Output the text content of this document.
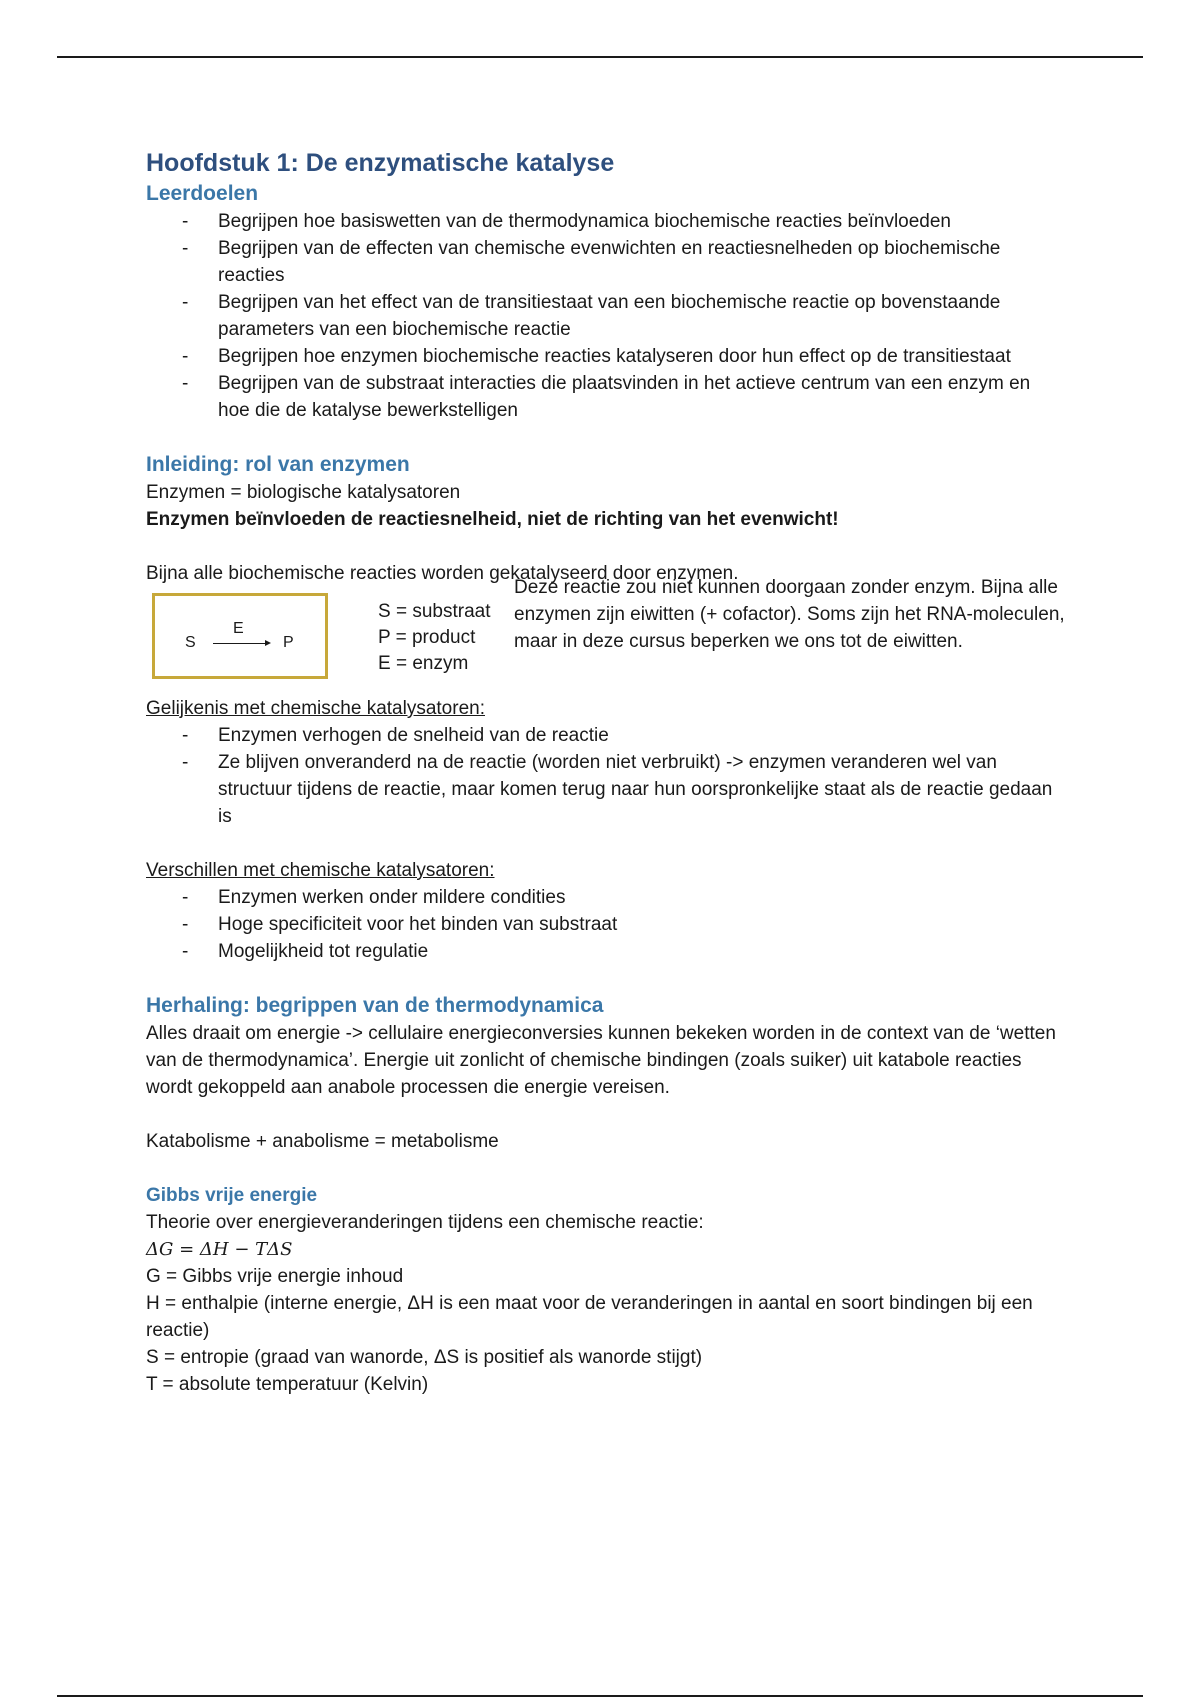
Hoofdstuk 1: De enzymatische katalyse
Leerdoelen
- Begrijpen hoe basiswetten van de thermodynamica biochemische reacties beïnvloeden
- Begrijpen van de effecten van chemische evenwichten en reactiesnelheden op biochemische reacties
- Begrijpen van het effect van de transitiestaat van een biochemische reactie op bovenstaande parameters van een biochemische reactie
- Begrijpen hoe enzymen biochemische reacties katalyseren door hun effect op de transitiestaat
- Begrijpen van de substraat interacties die plaatsvinden in het actieve centrum van een enzym en hoe die de katalyse bewerkstelligen
Inleiding: rol van enzymen

Enzymen = biologische katalysatoren

Enzymen beïnvloeden de reactiesnelheid, niet de richting van het evenwicht!

Bijna alle biochemische reacties worden gekatalyseerd door enzymen.

S
E
→ P
S = substraat
P = product
E = enzym
Deze reactie zou niet kunnen doorgaan zonder enzym. Bijna alle enzymen zijn eiwitten (+ cofactor). Soms zijn het RNA-moleculen, maar in deze cursus beperken we ons tot de eiwitten.

Gelijkenis met chemische katalysatoren:

- Enzymen verhogen de snelheid van de reactie
- Ze blijven onveranderd na de reactie (worden niet verbruikt) -> enzymen veranderen wel van structuur tijdens de reactie, maar komen terug naar hun oorspronkelijke staat als de reactie gedaan is

Verschillen met chemische katalysatoren:

- Enzymen werken onder mildere condities
- Hoge specificiteit voor het binden van substraat
- Mogelijkheid tot regulatie
Herhaling: begrippen van de thermodynamica

Alles draait om energie -> cellulaire energieconversies kunnen bekeken worden in de context van de ‘wetten van de thermodynamica’. Energie uit zonlicht of chemische bindingen (zoals suiker) uit katabole reacties wordt gekoppeld aan anabole processen die energie vereisen.

Katabolisme + anabolisme = metabolisme

Gibbs vrije energie

Theorie over energieveranderingen tijdens een chemische reactie:

ΔG = ΔH − TΔS

G = Gibbs vrije energie inhoud

H = enthalpie (interne energie, ΔH is een maat voor de veranderingen in aantal en soort bindingen bij een reactie)

S = entropie (graad van wanorde, ΔS is positief als wanorde stijgt)

T = absolute temperatuur (Kelvin)
